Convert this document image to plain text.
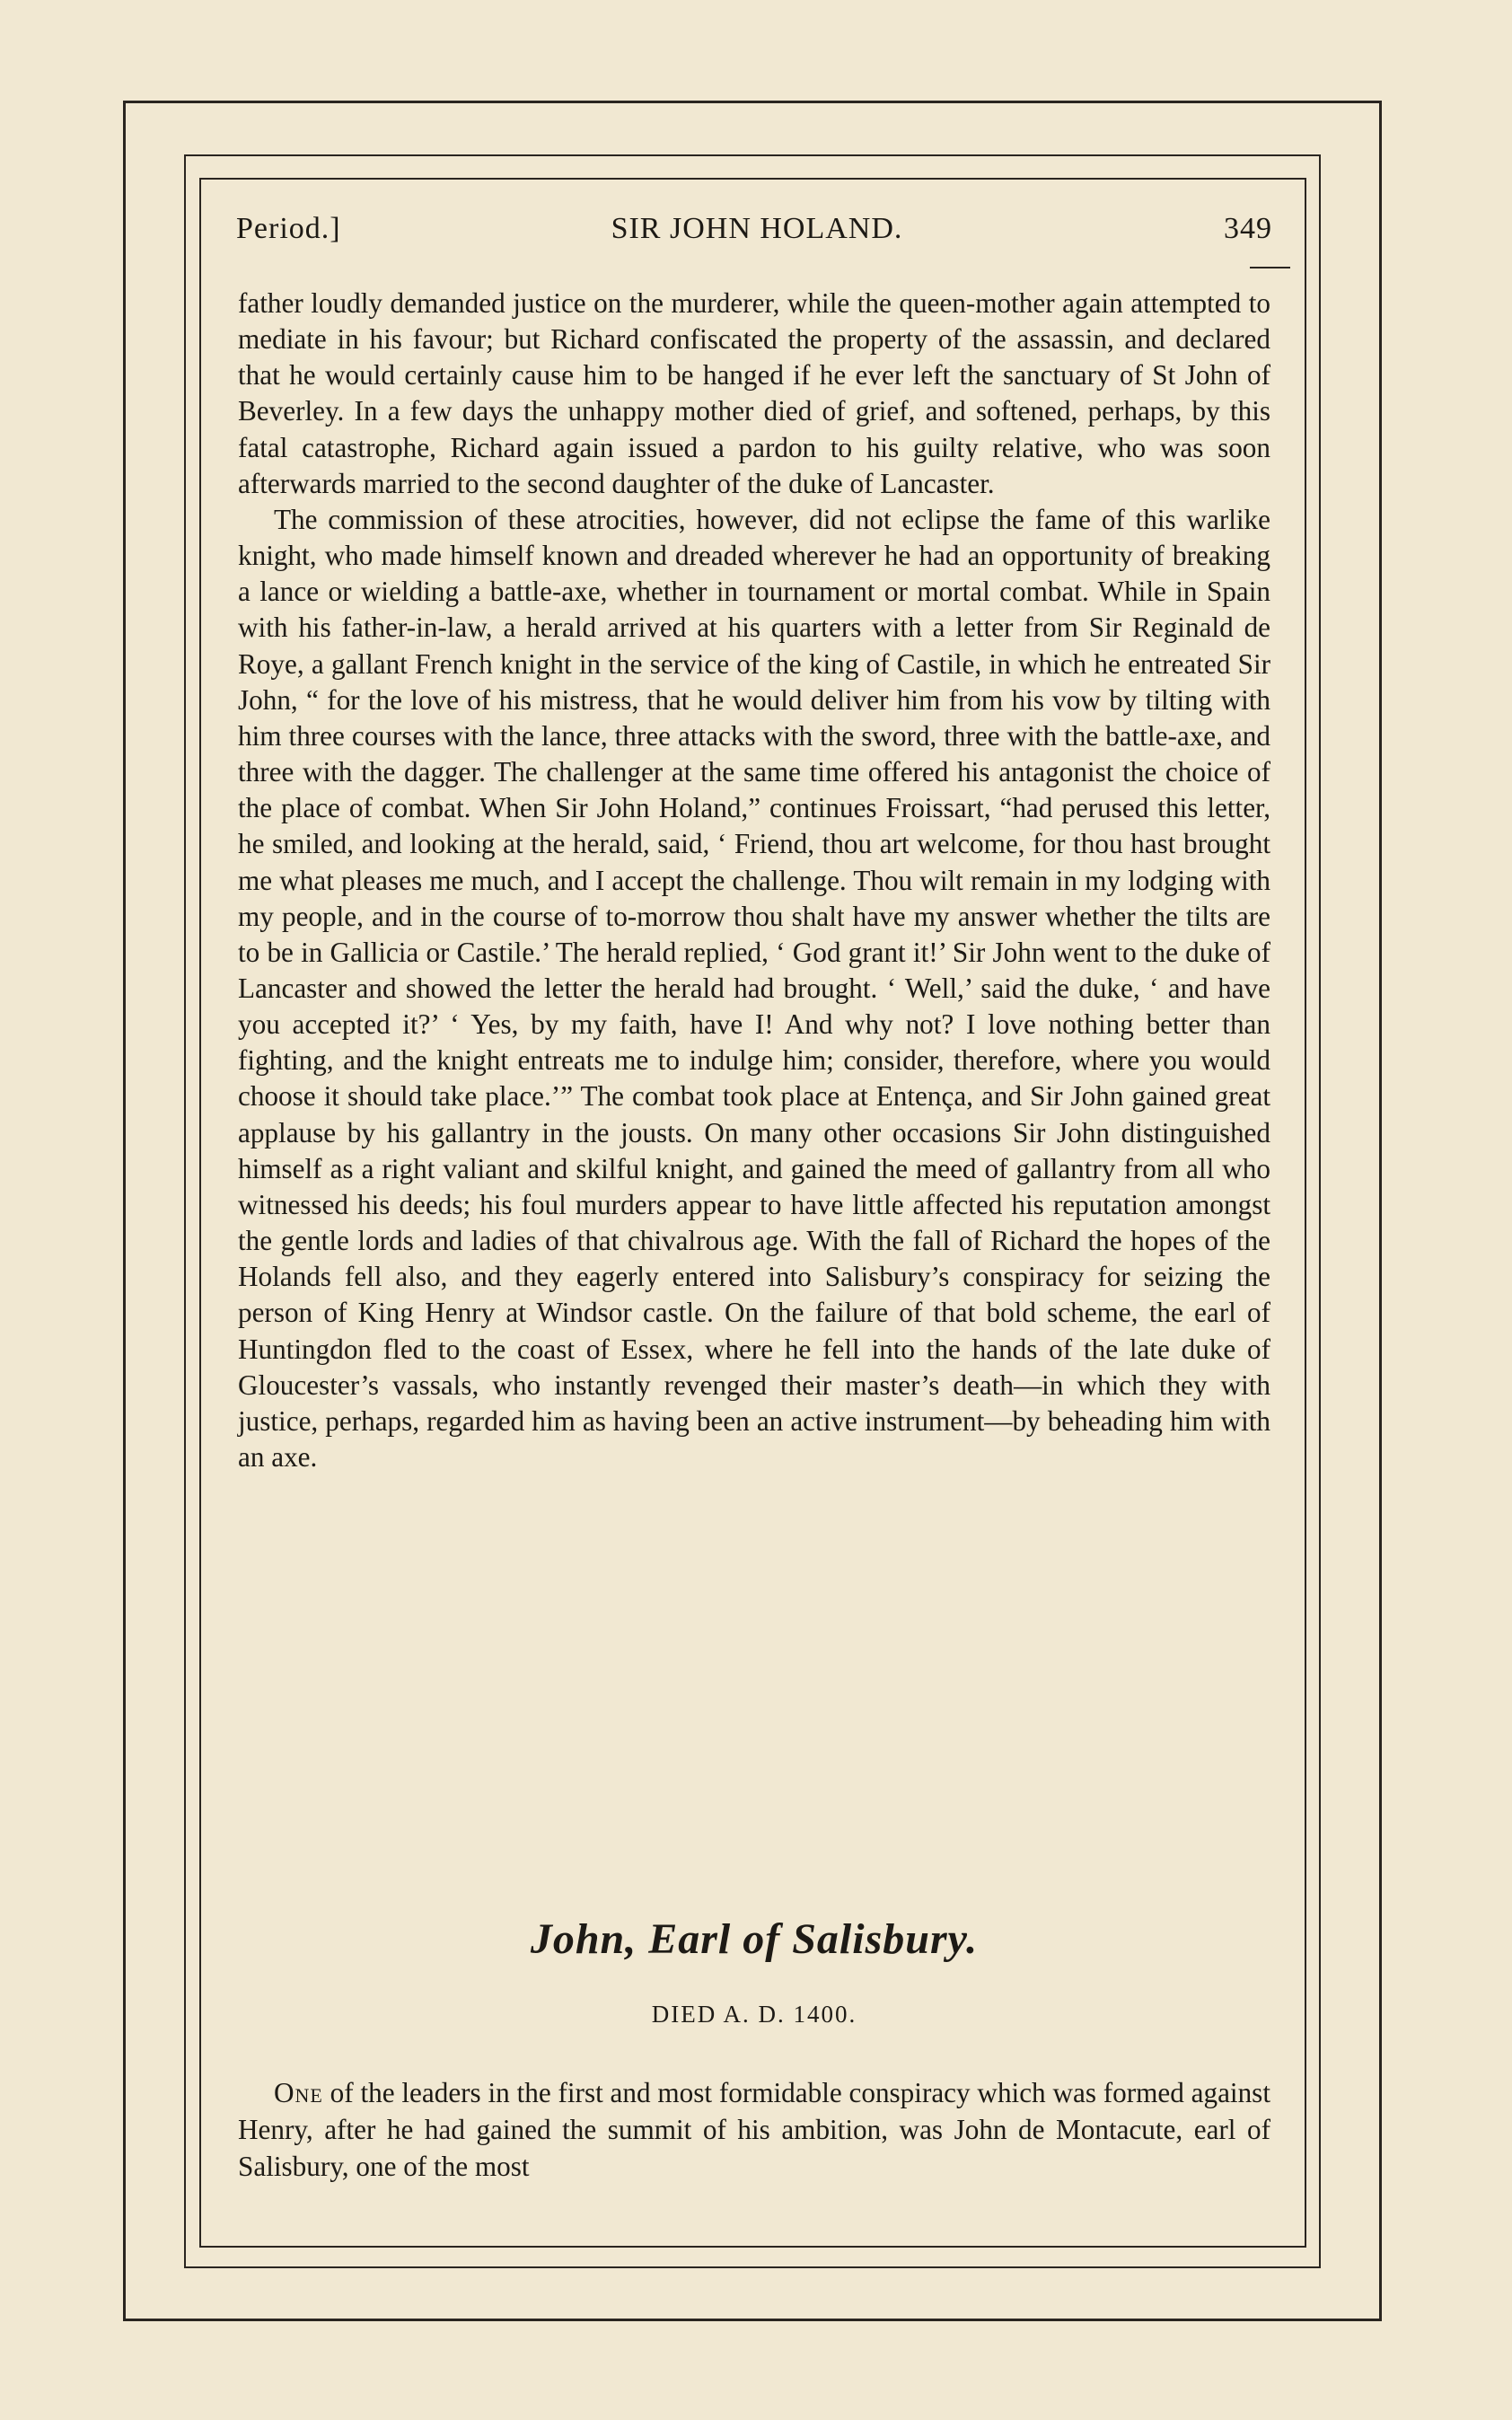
Period.]	SIR JOHN HOLAND.	349

father loudly demanded justice on the murderer, while the queen-mother again attempted to mediate in his favour; but Richard confiscated the property of the assassin, and declared that he would certainly cause him to be hanged if he ever left the sanctuary of St John of Beverley. In a few days the unhappy mother died of grief, and softened, perhaps, by this fatal catastrophe, Richard again issued a pardon to his guilty relative, who was soon afterwards married to the second daughter of the duke of Lancaster.

The commission of these atrocities, however, did not eclipse the fame of this warlike knight, who made himself known and dreaded wherever he had an opportunity of breaking a lance or wielding a battle-axe, whether in tournament or mortal combat. While in Spain with his father-in-law, a herald arrived at his quarters with a letter from Sir Reginald de Roye, a gallant French knight in the service of the king of Castile, in which he entreated Sir John, “ for the love of his mistress, that he would deliver him from his vow by tilting with him three courses with the lance, three attacks with the sword, three with the battle-axe, and three with the dagger. The challenger at the same time offered his antagonist the choice of the place of combat. When Sir John Holand,” continues Froissart, “had perused this letter, he smiled, and looking at the herald, said, ‘ Friend, thou art welcome, for thou hast brought me what pleases me much, and I accept the challenge. Thou wilt remain in my lodging with my people, and in the course of to-morrow thou shalt have my answer whether the tilts are to be in Gallicia or Castile.’ The herald replied, ‘ God grant it!’ Sir John went to the duke of Lancaster and showed the letter the herald had brought. ‘ Well,’ said the duke, ‘ and have you accepted it?’ ‘ Yes, by my faith, have I! And why not? I love nothing better than fighting, and the knight entreats me to indulge him; consider, therefore, where you would choose it should take place.’” The combat took place at Entença, and Sir John gained great applause by his gallantry in the jousts. On many other occasions Sir John distinguished himself as a right valiant and skilful knight, and gained the meed of gallantry from all who witnessed his deeds; his foul murders appear to have little affected his reputation amongst the gentle lords and ladies of that chivalrous age. With the fall of Richard the hopes of the Holands fell also, and they eagerly entered into Salisbury’s conspiracy for seizing the person of King Henry at Windsor castle. On the failure of that bold scheme, the earl of Huntingdon fled to the coast of Essex, where he fell into the hands of the late duke of Gloucester’s vassals, who instantly revenged their master’s death—in which they with justice, perhaps, regarded him as having been an active instrument—by beheading him with an axe.

John, Earl of Salisbury.
DIED A. D. 1400.

One of the leaders in the first and most formidable conspiracy which was formed against Henry, after he had gained the summit of his ambition, was John de Montacute, earl of Salisbury, one of the most
